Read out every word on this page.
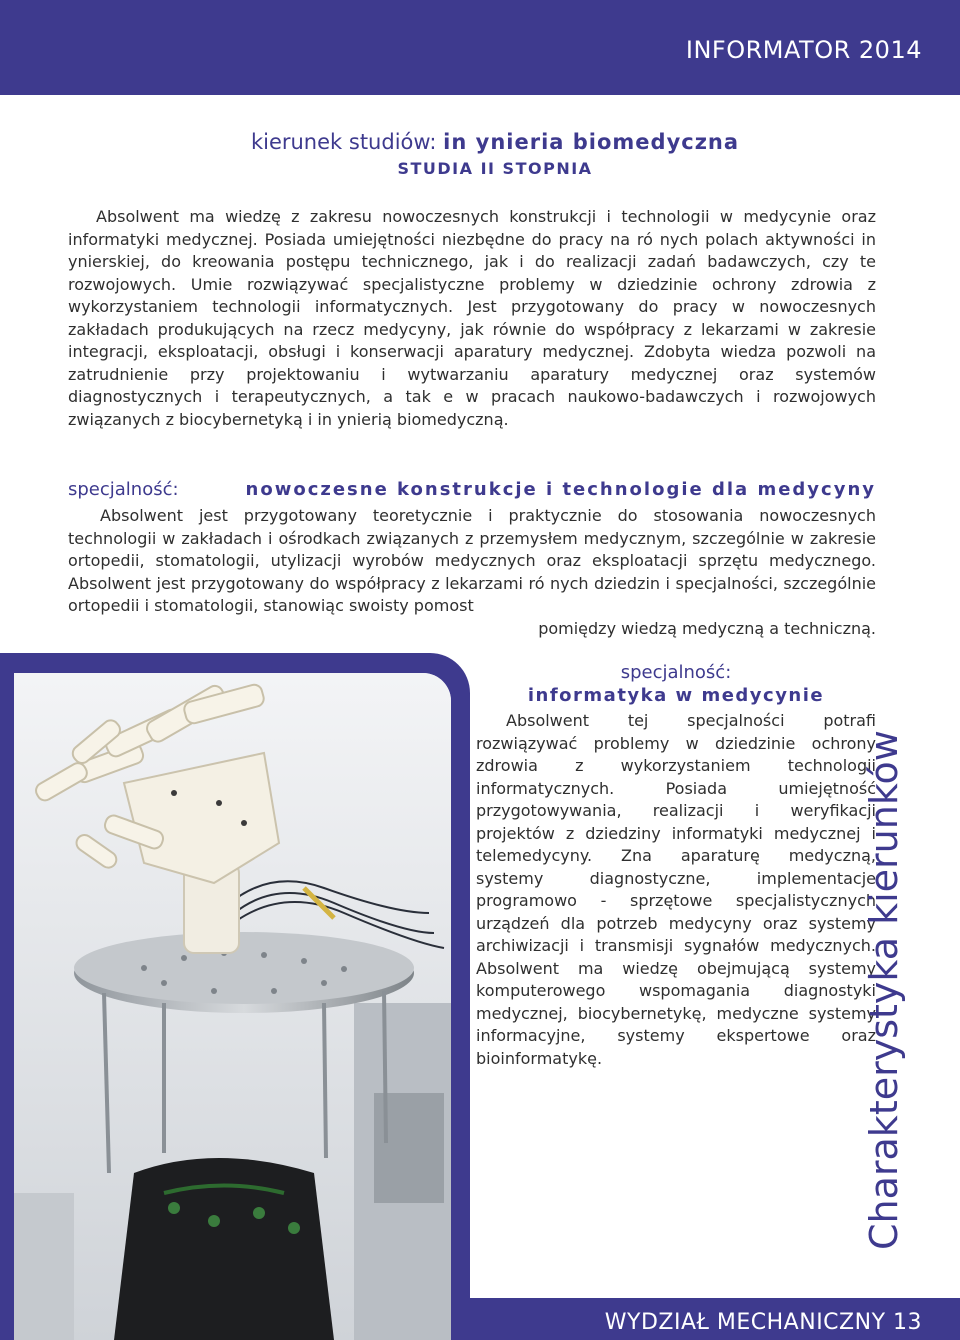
INFORMATOR 2014
kierunek studiów: in ynieria biomedyczna
STUDIA II STOPNIA

Absolwent ma wiedzę z zakresu nowoczesnych konstrukcji i technologii w medycynie oraz informatyki medycznej. Posiada umiejętności niezbędne do pracy na ró nych polach aktywności in ynierskiej, do kreowania postępu technicznego, jak i do realizacji zadań badawczych, czy te rozwojowych. Umie rozwiązywać specjalistyczne problemy w dziedzinie ochrony zdrowia z wykorzystaniem technologii informatycznych. Jest przygotowany do pracy w nowoczesnych zakładach produkujących na rzecz medycyny, jak równie do współpracy z lekarzami w zakresie integracji, eksploatacji, obsługi i konserwacji aparatury medycznej. Zdobyta wiedza pozwoli na zatrudnienie przy projektowaniu i wytwarzaniu aparatury medycznej oraz systemów diagnostycznych i terapeutycznych, a tak e w pracach naukowo-badawczych i rozwojowych związanych z biocybernetyką i in ynierią biomedyczną.

specjalność:	nowoczesne konstrukcje i technologie dla medycyny

Absolwent jest przygotowany teoretycznie i praktycznie do stosowania nowoczesnych technologii w zakładach i ośrodkach związanych z przemysłem medycznym, szczególnie w zakresie ortopedii, stomatologii, utylizacji wyrobów medycznych oraz eksploatacji sprzętu medycznego. Absolwent jest przygotowany do współpracy z lekarzami ró nych dziedzin i specjalności, szczególnie ortopedii i stomatologii, stanowiąc swoisty pomost
pomiędzy wiedzą medyczną a techniczną.

specjalność:
informatyka w medycynie

Absolwent tej specjalności potrafi rozwiązywać problemy w dziedzinie ochrony zdrowia z wykorzystaniem technologii informatycznych. Posiada umiejętność przygotowywania, realizacji i weryfikacji projektów z dziedziny informatyki medycznej i telemedycyny. Zna aparaturę medyczną, systemy diagnostyczne, implementacje programowo - sprzętowe specjalistycznych urządzeń dla potrzeb medycyny oraz systemy archiwizacji i transmisji sygnałów medycznych. Absolwent ma wiedzę obejmującą systemy komputerowego wspomagania diagnostyki medycznej, biocybernetykę, medyczne systemy informacyjne, systemy ekspertowe oraz bioinformatykę.	Charakterystyka kierunków
WYDZIAŁ MECHANICZNY 13
